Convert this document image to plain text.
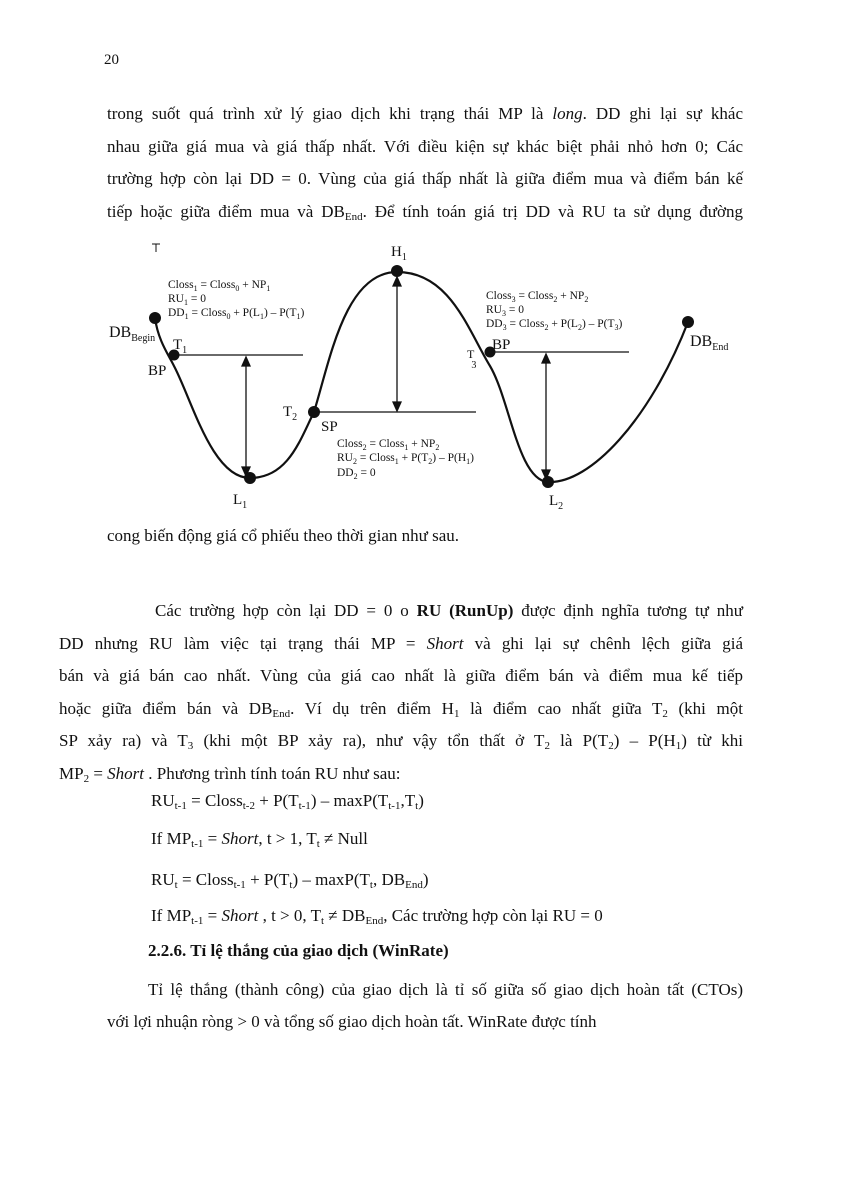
20
trong suốt quá trình xử lý giao dịch khi trạng thái MP là long. DD ghi lại sự khác
nhau giữa giá mua và giá thấp nhất. Với điều kiện sự khác biệt phải nhỏ hơn 0; Các
trường hợp còn lại DD = 0. Vùng của giá thấp nhất là giữa điểm mua và điểm bán kế
tiếp hoặc giữa điểm mua và $DB_{End}$. Để tính toán giá trị DD và RU ta sử dụng đường
$H_1$
$DB_{Begin}$ $T_1$
BP
$T_2$
SP
$L_1$
T 3
BP
$L_2$
$DB_{End}$
Closs$_1$ = Closs$_0$ + $NP_1$
$RU_1 = 0$
$DD_1$ = Closs$_0$ + $P(L_1) - P(T_1)$
Closs$_2$ = Closs$_1$ + $NP_2$
$RU_2$ = Closs$_1$ + $P(T_2) - P(H_1)$
$DD_2 = 0$
Closs$_3$ = Closs$_2$ + $NP_2$
$RU_3 = 0$
$DD_3$ = Closs$_2$ + $P(L_2) - P(T_3)$
cong biến động giá cổ phiếu theo thời gian như sau.
Các trường hợp còn lại DD = 0 o RU (RunUp) được định nghĩa tương tự như
DD nhưng RU làm việc tại trạng thái MP = Short và ghi lại sự chênh lệch giữa giá
bán và giá bán cao nhất. Vùng của giá cao nhất là giữa điểm bán và điểm mua kế tiếp
hoặc giữa điểm bán và $DB_{End}$. Ví dụ trên điểm $H_1$ là điểm cao nhất giữa $T_2$ (khi một
SP xảy ra) và $T_3$ (khi một BP xảy ra), như vậy tổn thất ở $T_2$ là $P(T_2) - P(H_1)$ từ khi
$MP_2$ = Short . Phương trình tính toán RU như sau:
$RU_{t-1}$ = Closs$_{t-2}$ + $P(T_{t-1}) - \max P(T_{t-1},T_t)$
If $MP_{t-1}$ = Short, t > 1, $T_t$ ≠ Null
$RU_t$ = Closs$_{t-1}$ + $P(T_t) - \max P(T_t$, $DB_{End}$)
If $MP_{t-1}$ = Short , t > 0, $T_t \ne DB_{End}$, Các trường hợp còn lại RU = 0
2.2.6. Tỉ lệ thắng của giao dịch (WinRate)
Tỉ lệ thắng (thành công) của giao dịch là tỉ số giữa số giao dịch hoàn tất (CTOs)
với lợi nhuận ròng > 0 và tổng số giao dịch hoàn tất. WinRate được tính
